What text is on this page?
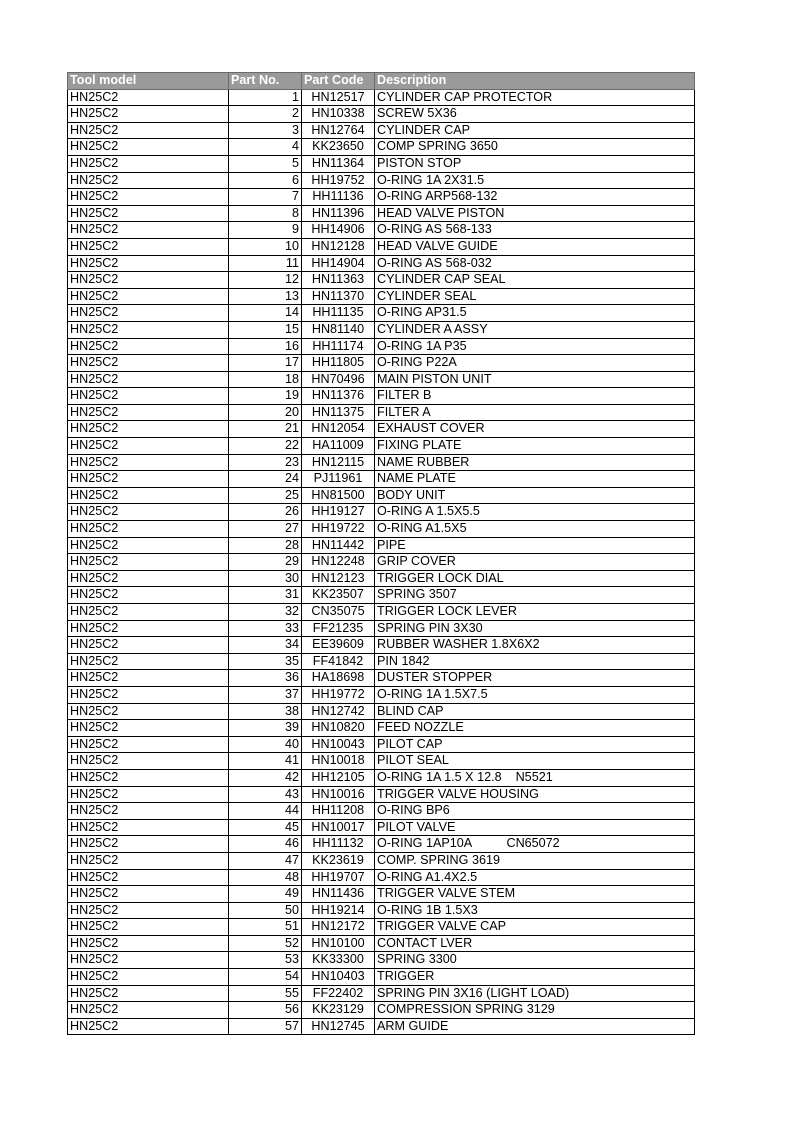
Tool model	Part No.	Part Code	Description
HN25C2	1	HN12517	CYLINDER CAP PROTECTOR
HN25C2	2	HN10338	SCREW 5X36
HN25C2	3	HN12764	CYLINDER CAP
HN25C2	4	KK23650	COMP SPRING 3650
HN25C2	5	HN11364	PISTON STOP
HN25C2	6	HH19752	O-RING 1A 2X31.5
HN25C2	7	HH11136	O-RING ARP568-132
HN25C2	8	HN11396	HEAD VALVE PISTON
HN25C2	9	HH14906	O-RING AS 568-133
HN25C2	10	HN12128	HEAD VALVE GUIDE
HN25C2	11	HH14904	O-RING AS 568-032
HN25C2	12	HN11363	CYLINDER CAP SEAL
HN25C2	13	HN11370	CYLINDER SEAL
HN25C2	14	HH11135	O-RING AP31.5
HN25C2	15	HN81140	CYLINDER A ASSY
HN25C2	16	HH11174	O-RING 1A P35
HN25C2	17	HH11805	O-RING P22A
HN25C2	18	HN70496	MAIN PISTON UNIT
HN25C2	19	HN11376	FILTER B
HN25C2	20	HN11375	FILTER A
HN25C2	21	HN12054	EXHAUST COVER
HN25C2	22	HA11009	FIXING PLATE
HN25C2	23	HN12115	NAME RUBBER
HN25C2	24	PJ11961	NAME PLATE
HN25C2	25	HN81500	BODY UNIT
HN25C2	26	HH19127	O-RING A 1.5X5.5
HN25C2	27	HH19722	O-RING A1.5X5
HN25C2	28	HN11442	PIPE
HN25C2	29	HN12248	GRIP COVER
HN25C2	30	HN12123	TRIGGER LOCK DIAL
HN25C2	31	KK23507	SPRING 3507
HN25C2	32	CN35075	TRIGGER LOCK LEVER
HN25C2	33	FF21235	SPRING PIN 3X30
HN25C2	34	EE39609	RUBBER WASHER 1.8X6X2
HN25C2	35	FF41842	PIN 1842
HN25C2	36	HA18698	DUSTER STOPPER
HN25C2	37	HH19772	O-RING 1A 1.5X7.5
HN25C2	38	HN12742	BLIND CAP
HN25C2	39	HN10820	FEED NOZZLE
HN25C2	40	HN10043	PILOT CAP
HN25C2	41	HN10018	PILOT SEAL
HN25C2	42	HH12105	O-RING 1A 1.5 X 12.8    N5521
HN25C2	43	HN10016	TRIGGER VALVE HOUSING
HN25C2	44	HH11208	O-RING BP6
HN25C2	45	HN10017	PILOT VALVE
HN25C2	46	HH11132	O-RING 1AP10A          CN65072
HN25C2	47	KK23619	COMP. SPRING 3619
HN25C2	48	HH19707	O-RING A1.4X2.5
HN25C2	49	HN11436	TRIGGER VALVE STEM
HN25C2	50	HH19214	O-RING 1B 1.5X3
HN25C2	51	HN12172	TRIGGER VALVE CAP
HN25C2	52	HN10100	CONTACT LVER
HN25C2	53	KK33300	SPRING 3300
HN25C2	54	HN10403	TRIGGER
HN25C2	55	FF22402	SPRING PIN 3X16 (LIGHT LOAD)
HN25C2	56	KK23129	COMPRESSION SPRING 3129
HN25C2	57	HN12745	ARM GUIDE
